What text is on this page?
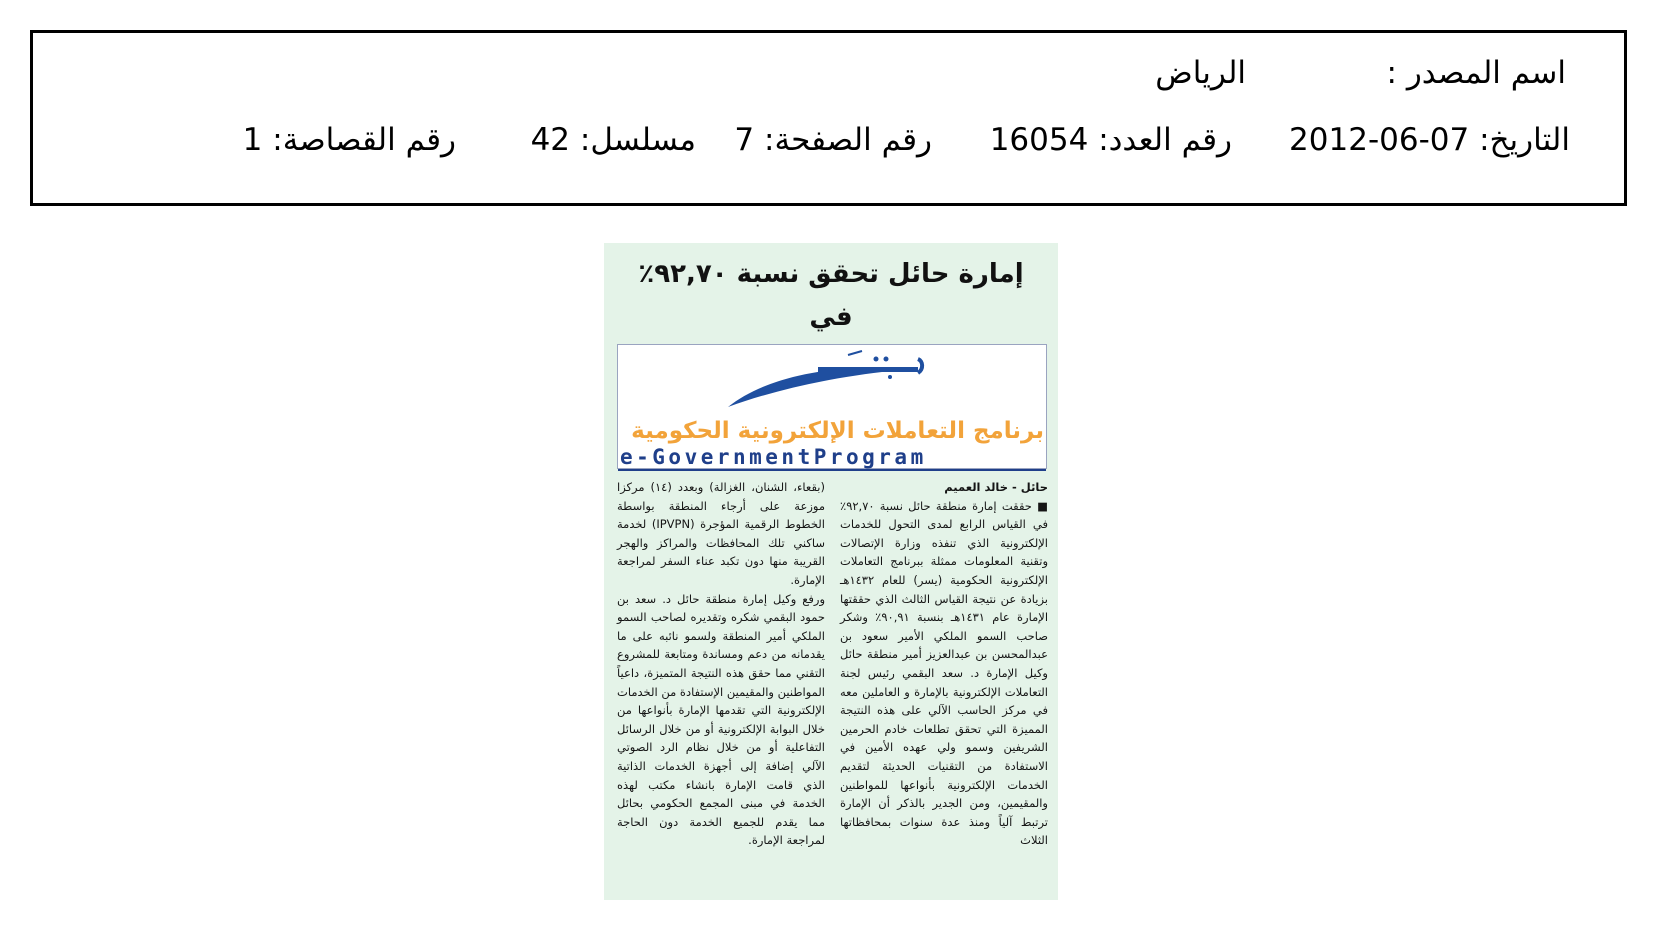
اسم المصدر :
الرياض
التاريخ: 2012-06-07
رقم العدد: 16054
رقم الصفحة: 7
مسلسل: 42
رقم القصاصة: 1
إمارة حائل تحقق نسبة ٩٢,٧٠٪ في
برنامج التعاملات الإلكترونية الحكومية
e-GovernmentProgram

حائل - خالد العميم

■ حققت إمارة منطقة حائل نسبة ٩٢,٧٠٪ في القياس الرابع لمدى التحول للخدمات الإلكترونية الذي تنفذه وزارة الإتصالات وتقنية المعلومات ممثلة ببرنامج التعاملات الإلكترونية الحكومية (يسر) للعام ١٤٣٢هـ بزيادة عن نتيجة القياس الثالث الذي حققتها الإمارة عام ١٤٣١هـ بنسبة ٩٠,٩١٪ وشكر صاحب السمو الملكي الأمير سعود بن عبدالمحسن بن عبدالعزيز أمير منطقة حائل وكيل الإمارة د. سعد البقمي رئيس لجنة التعاملات الإلكترونية بالإمارة و العاملين معه في مركز الحاسب الآلي على هذه النتيجة المميزة التي تحقق تطلعات خادم الحرمين الشريفين وسمو ولي عهده الأمين في الاستفادة من التقنيات الحديثة لتقديم الخدمات الإلكترونية بأنواعها للمواطنين والمقيمين، ومن الجدير بالذكر أن الإمارة ترتبط آلياً ومنذ عدة سنوات بمحافظاتها الثلاث

(بقعاء، الشنان، الغزالة) وبعدد (١٤) مركزا موزعة على أرجاء المنطقة بواسطة الخطوط الرقمية المؤجرة (IPVPN) لخدمة ساكني تلك المحافظات والمراكز والهجر القريبة منها دون تكبد عناء السفر لمراجعة الإمارة.

ورفع وكيل إمارة منطقة حائل د. سعد بن حمود البقمي شكره وتقديره لصاحب السمو الملكي أمير المنطقة ولسمو نائبه على ما يقدمانه من دعم ومساندة ومتابعة للمشروع التقني مما حقق هذه النتيجة المتميزة، داعياً المواطنين والمقيمين الإستفادة من الخدمات الإلكترونية التي تقدمها الإمارة بأنواعها من خلال البوابة الإلكترونية أو من خلال الرسائل التفاعلية أو من خلال نظام الرد الصوتي الآلي إضافة إلى أجهزة الخدمات الذاتية الذي قامت الإمارة بانشاء مكتب لهذه الخدمة في مبنى المجمع الحكومي بحائل مما يقدم للجميع الخدمة دون الحاجة لمراجعة الإمارة.
